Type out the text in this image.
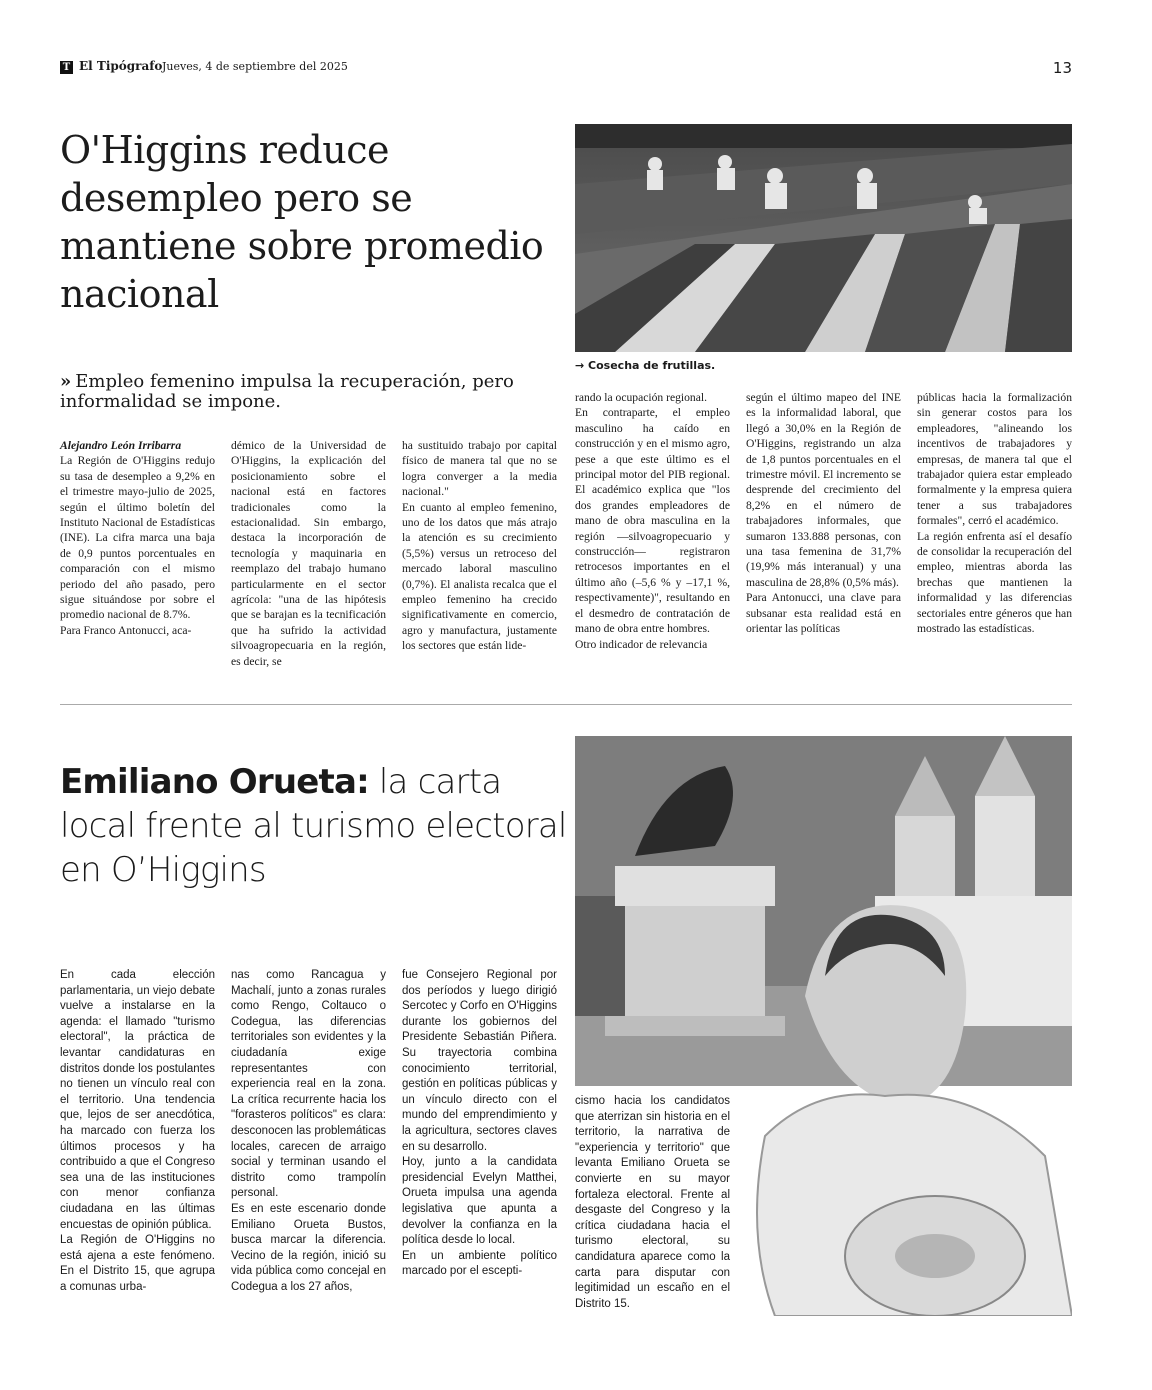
T El Tipógrafo Jueves, 4 de septiembre del 2025	13
O'Higgins reduce desempleo pero se mantiene sobre promedio nacional
→ Cosecha de frutillas.
» Empleo femenino impulsa la recuperación, pero informalidad se impone.

Alejandro León Irribarra

La Región de O'Higgins redujo su tasa de desempleo a 9,2% en el trimestre mayo-julio de 2025, según el último boletín del Instituto Nacional de Estadísticas (INE). La cifra marca una baja de 0,9 puntos porcentuales en comparación con el mismo periodo del año pasado, pero sigue situándose por sobre el promedio nacional de 8.7%.
Para Franco Antonucci, aca-

démico de la Universidad de O'Higgins, la explicación del posicionamiento sobre el nacional está en factores tradicionales como la estacionalidad. Sin embargo, destaca la incorporación de tecnología y maquinaria en reemplazo del trabajo humano particularmente en el sector agrícola: "una de las hipótesis que se barajan es la tecnificación que ha sufrido la actividad silvoagropecuaria en la región, es decir, se
ha sustituido trabajo por capital físico de manera tal que no se logra converger a la media nacional."
En cuanto al empleo femenino, uno de los datos que más atrajo la atención es su crecimiento (5,5%) versus un retroceso del mercado laboral masculino (0,7%). El analista recalca que el empleo femenino ha crecido significativamente en comercio, agro y manufactura, justamente los sectores que están lide-
rando la ocupación regional.
En contraparte, el empleo masculino ha caído en construcción y en el mismo agro, pese a que este último es el principal motor del PIB regional. El académico explica que "los dos grandes empleadores de mano de obra masculina en la región —silvoagropecuario y construcción— registraron retrocesos importantes en el último año (–5,6 % y –17,1 %, respectivamente)", resultando en el desmedro de contratación de mano de obra entre hombres.
Otro indicador de relevancia
según el último mapeo del INE es la informalidad laboral, que llegó a 30,0% en la Región de O'Higgins, registrando un alza de 1,8 puntos porcentuales en el trimestre móvil. El incremento se desprende del crecimiento del 8,2% en el número de trabajadores informales, que sumaron 133.888 personas, con una tasa femenina de 31,7% (19,9% más interanual) y una masculina de 28,8% (0,5% más).
Para Antonucci, una clave para subsanar esta realidad está en orientar las políticas
públicas hacia la formalización sin generar costos para los empleadores, "alineando los incentivos de trabajadores y empresas, de manera tal que el trabajador quiera estar empleado formalmente y la empresa quiera tener a sus trabajadores formales", cerró el académico.
La región enfrenta así el desafío de consolidar la recuperación del empleo, mientras aborda las brechas que mantienen la informalidad y las diferencias sectoriales entre géneros que han mostrado las estadísticas.
Emiliano Orueta: la carta local frente al turismo electoral en O’Higgins
En cada elección parlamentaria, un viejo debate vuelve a instalarse en la agenda: el llamado "turismo electoral", la práctica de levantar candidaturas en distritos donde los postulantes no tienen un vínculo real con el territorio. Una tendencia que, lejos de ser anecdótica, ha marcado con fuerza los últimos procesos y ha contribuido a que el Congreso sea una de las instituciones con menor confianza ciudadana en las últimas encuestas de opinión pública.
La Región de O'Higgins no está ajena a este fenómeno. En el Distrito 15, que agrupa a comunas urba-
nas como Rancagua y Machalí, junto a zonas rurales como Rengo, Coltauco o Codegua, las diferencias territoriales son evidentes y la ciudadanía exige representantes con experiencia real en la zona. La crítica recurrente hacia los "forasteros políticos" es clara: desconocen las problemáticas locales, carecen de arraigo social y terminan usando el distrito como trampolín personal.
Es en este escenario donde Emiliano Orueta Bustos, busca marcar la diferencia. Vecino de la región, inició su vida pública como concejal en Codegua a los 27 años,
fue Consejero Regional por dos períodos y luego dirigió Sercotec y Corfo en O'Higgins durante los gobiernos del Presidente Sebastián Piñera. Su trayectoria combina conocimiento territorial, gestión en políticas públicas y un vínculo directo con el mundo del emprendimiento y la agricultura, sectores claves en su desarrollo.
Hoy, junto a la candidata presidencial Evelyn Matthei, Orueta impulsa una agenda legislativa que apunta a devolver la confianza en la política desde lo local.
En un ambiente político marcado por el escepti-
cismo hacia los candidatos que aterrizan sin historia en el territorio, la narrativa de "experiencia y territorio" que levanta Emiliano Orueta se convierte en su mayor fortaleza electoral. Frente al desgaste del Congreso y la crítica ciudadana hacia el turismo electoral, su candidatura aparece como la carta para disputar con legitimidad un escaño en el Distrito 15.
